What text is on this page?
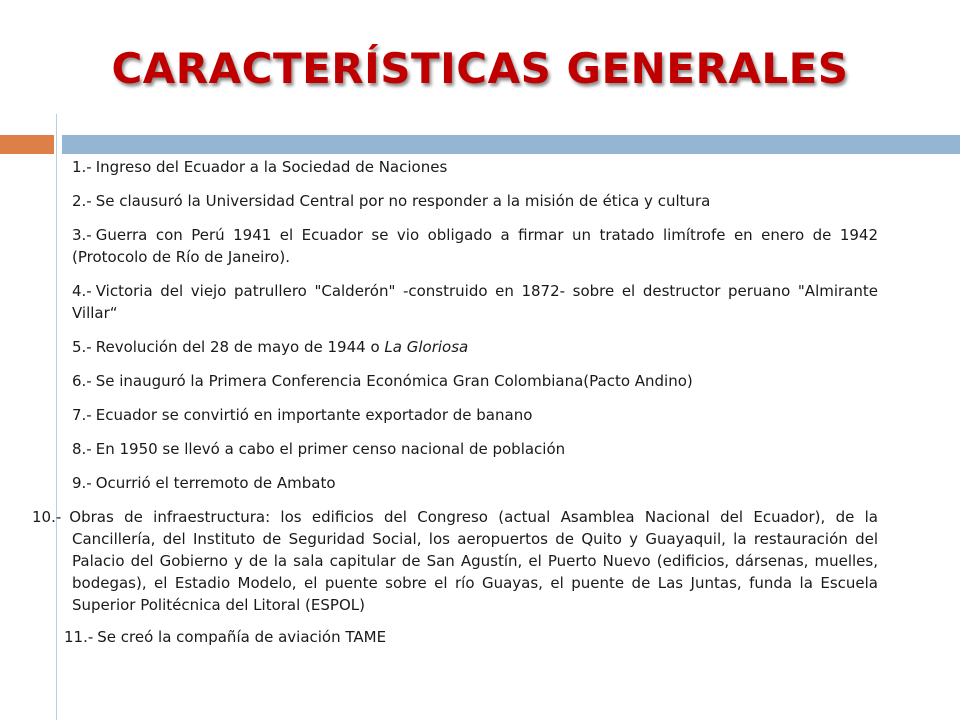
CARACTERÍSTICAS GENERALES

1.- Ingreso del Ecuador a la Sociedad de Naciones

2.- Se clausuró la Universidad Central por no responder a la misión de ética y cultura

3.- Guerra con Perú 1941 el Ecuador se vio obligado a firmar un tratado limítrofe en enero de 1942 (Protocolo de Río de Janeiro).

4.- Victoria del viejo patrullero "Calderón" -construido en 1872- sobre el destructor peruano "Almirante Villar“

5.- Revolución del 28 de mayo de 1944 o La Gloriosa

6.- Se inauguró la Primera Conferencia Económica Gran Colombiana(Pacto Andino)

7.- Ecuador se convirtió en importante exportador de banano

8.- En 1950 se llevó a cabo el primer censo nacional de población

9.- Ocurrió el terremoto de Ambato

10.- Obras de infraestructura: los edificios del Congreso (actual Asamblea Nacional del Ecuador), de la Cancillería, del Instituto de Seguridad Social, los aeropuertos de Quito y Guayaquil, la restauración del Palacio del Gobierno y de la sala capitular de San Agustín, el Puerto Nuevo (edificios, dársenas, muelles, bodegas), el Estadio Modelo, el puente sobre el río Guayas, el puente de Las Juntas, funda la Escuela Superior Politécnica del Litoral (ESPOL)

11.- Se creó la compañía de aviación TAME
